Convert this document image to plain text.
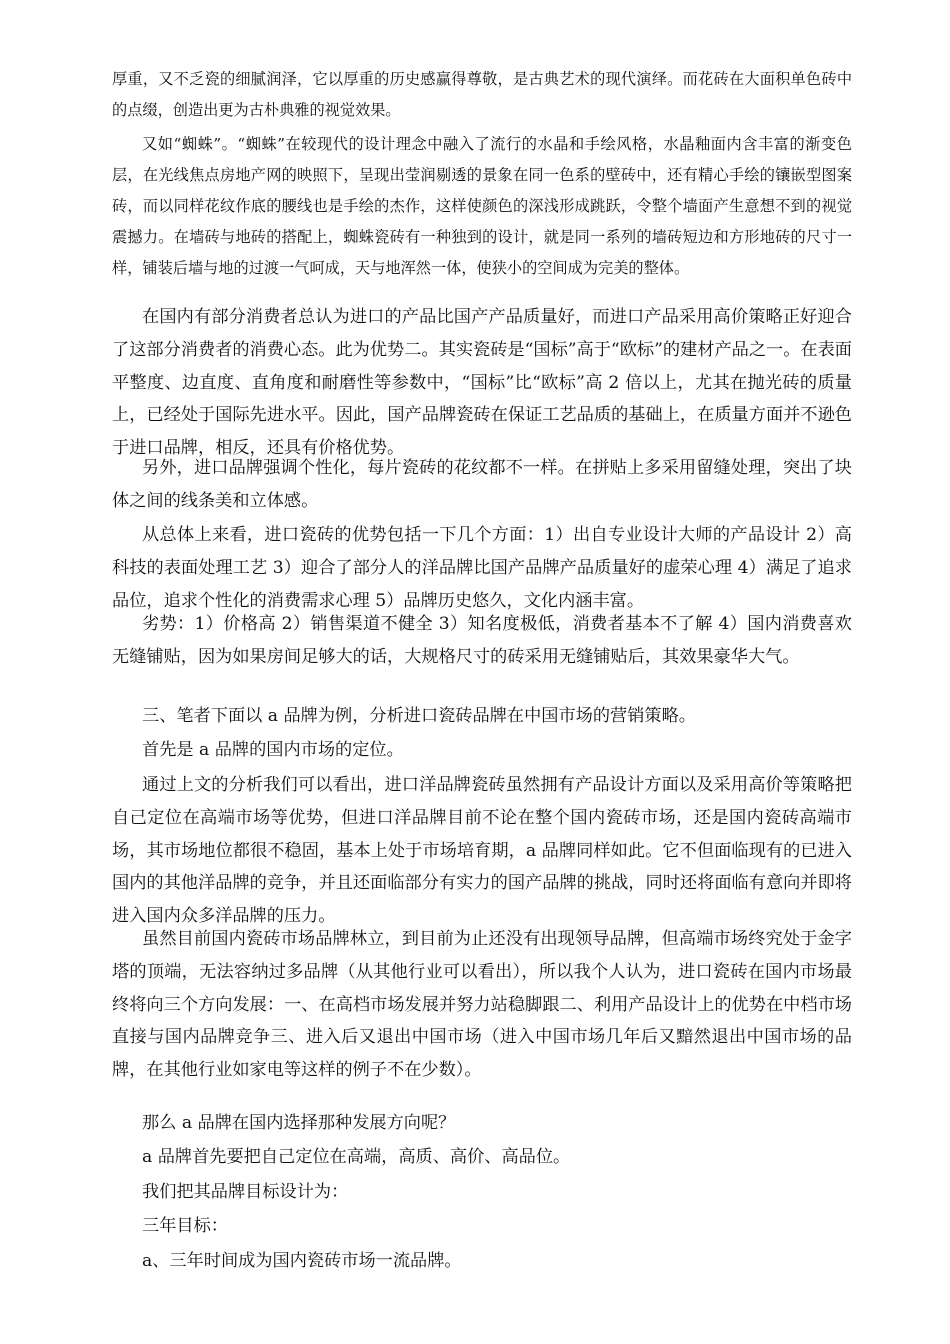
厚重，又不乏瓷的细腻润泽，它以厚重的历史感赢得尊敬，是古典艺术的现代演绎。而花砖在大面积单色砖中的点缀，创造出更为古朴典雅的视觉效果。

又如“蜘蛛”。“蜘蛛”在较现代的设计理念中融入了流行的水晶和手绘风格，水晶釉面内含丰富的渐变色层，在光线焦点房地产网的映照下，呈现出莹润剔透的景象在同一色系的壁砖中，还有精心手绘的镶嵌型图案砖，而以同样花纹作底的腰线也是手绘的杰作，这样使颜色的深浅形成跳跃，令整个墙面产生意想不到的视觉震撼力。在墙砖与地砖的搭配上，蜘蛛瓷砖有一种独到的设计，就是同一系列的墙砖短边和方形地砖的尺寸一样，铺装后墙与地的过渡一气呵成，天与地浑然一体，使狭小的空间成为完美的整体。

在国内有部分消费者总认为进口的产品比国产产品质量好，而进口产品采用高价策略正好迎合了这部分消费者的消费心态。此为优势二。其实瓷砖是“国标”高于“欧标”的建材产品之一。在表面平整度、边直度、直角度和耐磨性等参数中，“国标”比“欧标”高 2 倍以上，尤其在抛光砖的质量上，已经处于国际先进水平。因此，国产品牌瓷砖在保证工艺品质的基础上，在质量方面并不逊色于进口品牌，相反，还具有价格优势。

另外，进口品牌强调个性化，每片瓷砖的花纹都不一样。在拼贴上多采用留缝处理，突出了块体之间的线条美和立体感。

从总体上来看，进口瓷砖的优势包括一下几个方面：1）出自专业设计大师的产品设计 2）高科技的表面处理工艺 3）迎合了部分人的洋品牌比国产品牌产品质量好的虚荣心理 4）满足了追求品位，追求个性化的消费需求心理 5）品牌历史悠久，文化内涵丰富。

劣势：1）价格高 2）销售渠道不健全 3）知名度极低，消费者基本不了解 4）国内消费喜欢无缝铺贴，因为如果房间足够大的话，大规格尺寸的砖采用无缝铺贴后，其效果豪华大气。

三、笔者下面以 a 品牌为例，分析进口瓷砖品牌在中国市场的营销策略。

首先是 a 品牌的国内市场的定位。

通过上文的分析我们可以看出，进口洋品牌瓷砖虽然拥有产品设计方面以及采用高价等策略把自己定位在高端市场等优势，但进口洋品牌目前不论在整个国内瓷砖市场，还是国内瓷砖高端市场，其市场地位都很不稳固，基本上处于市场培育期，a 品牌同样如此。它不但面临现有的已进入国内的其他洋品牌的竞争，并且还面临部分有实力的国产品牌的挑战，同时还将面临有意向并即将进入国内众多洋品牌的压力。

虽然目前国内瓷砖市场品牌林立，到目前为止还没有出现领导品牌，但高端市场终究处于金字塔的顶端，无法容纳过多品牌（从其他行业可以看出），所以我个人认为，进口瓷砖在国内市场最终将向三个方向发展：一、在高档市场发展并努力站稳脚跟二、利用产品设计上的优势在中档市场直接与国内品牌竞争三、进入后又退出中国市场（进入中国市场几年后又黯然退出中国市场的品牌，在其他行业如家电等这样的例子不在少数）。

那么 a 品牌在国内选择那种发展方向呢？

a 品牌首先要把自己定位在高端，高质、高价、高品位。

我们把其品牌目标设计为：

三年目标：

a、三年时间成为国内瓷砖市场一流品牌。
